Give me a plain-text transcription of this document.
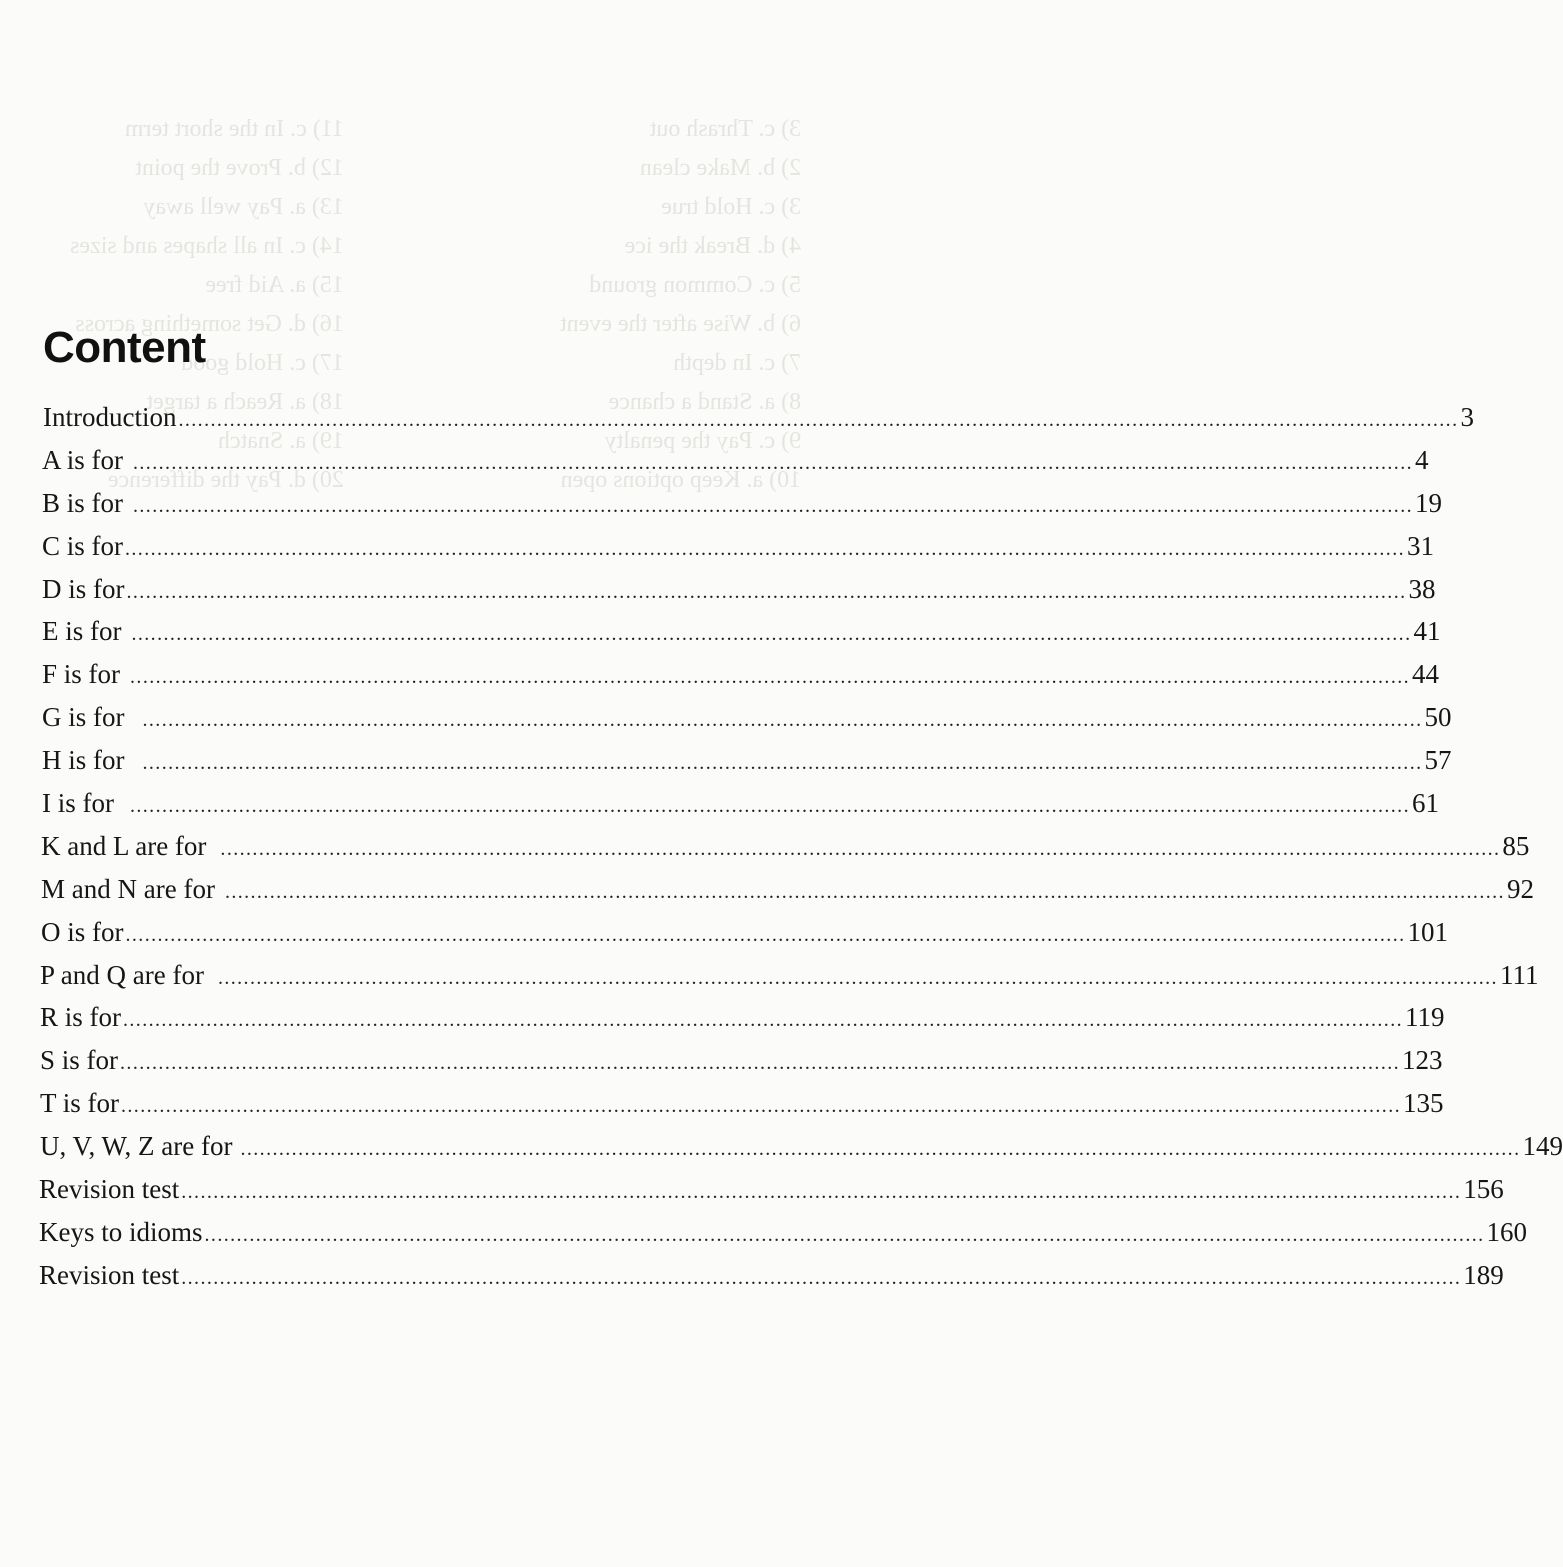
3) c. Thrash out
2) b. Make clean
3) c. Hold true
4) d. Break the ice
5) c. Common ground
6) b. Wise after the event
7) c. In depth
8) a. Stand a chance
9) c. Pay the penalty
10) a. Keep options open
11) c. In the short term
12) b. Prove the point
13) a. Pay well away
14) c. In all shapes and sizes
15) a. Aid free
16) d. Get something across
17) c. Hold good
18) a. Reach a target
19) a. Snatch
20) d. Pay the difference
Content
Introduction ........................................................................................................................................................................................................ 3
A is for ........................................................................................................................................................................................................ 4
B is for ........................................................................................................................................................................................................ 19
C is for ........................................................................................................................................................................................................ 31
D is for ........................................................................................................................................................................................................ 38
E is for ........................................................................................................................................................................................................ 41
F is for ........................................................................................................................................................................................................ 44
G is for ........................................................................................................................................................................................................ 50
H is for ........................................................................................................................................................................................................ 57
I is for ........................................................................................................................................................................................................ 61
K and L are for ........................................................................................................................................................................................................ 85
M and N are for ........................................................................................................................................................................................................ 92
O is for ........................................................................................................................................................................................................ 101
P and Q are for ........................................................................................................................................................................................................ 111
R is for ........................................................................................................................................................................................................ 119
S is for ........................................................................................................................................................................................................ 123
T is for ........................................................................................................................................................................................................ 135
U, V, W, Z are for ........................................................................................................................................................................................................ 149
Revision test ........................................................................................................................................................................................................ 156
Keys to idioms ........................................................................................................................................................................................................ 160
Revision test ........................................................................................................................................................................................................ 189
